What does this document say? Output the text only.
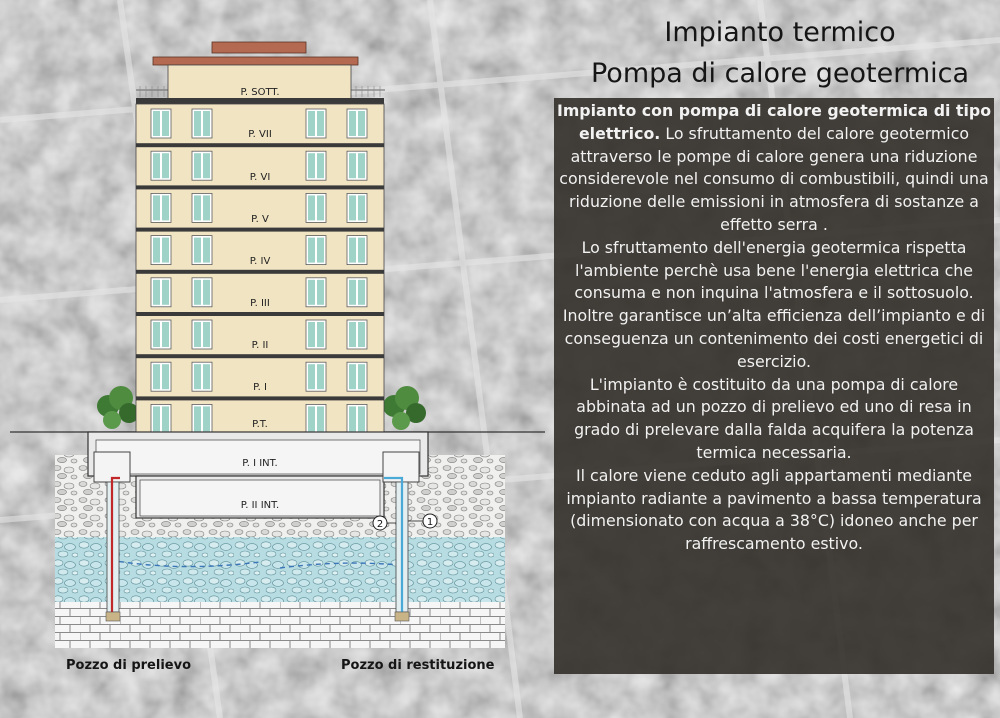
1
2
P. SOTT.
P. VII
P. VI
P. V
P. IV
P. III
P. II
P. I
P.T.
P. I INT.
P. II INT.
Impianto termico
Pompa di calore geotermica

Impianto con pompa di calore geotermica di tipo elettrico. Lo sfruttamento del calore geotermico attraverso le pompe di calore genera una riduzione considerevole nel consumo di combustibili, quindi una riduzione delle emissioni in atmosfera di sostanze a effetto serra .

Lo sfruttamento dell'energia geotermica rispetta l'ambiente perchè usa bene l'energia elettrica che consuma e non inquina l'atmosfera e il sottosuolo. Inoltre garantisce un’alta efficienza dell’impianto e di conseguenza un contenimento dei costi energetici di esercizio.

L'impianto è costituito da una pompa di calore abbinata ad un pozzo di prelievo ed uno di resa in grado di prelevare dalla falda acquifera la potenza termica necessaria.

Il calore viene ceduto agli appartamenti mediante impianto radiante a pavimento a bassa temperatura

(dimensionato con acqua a 38°C) idoneo anche per raffrescamento estivo.

Pozzo di prelievo	Pozzo di restituzione
